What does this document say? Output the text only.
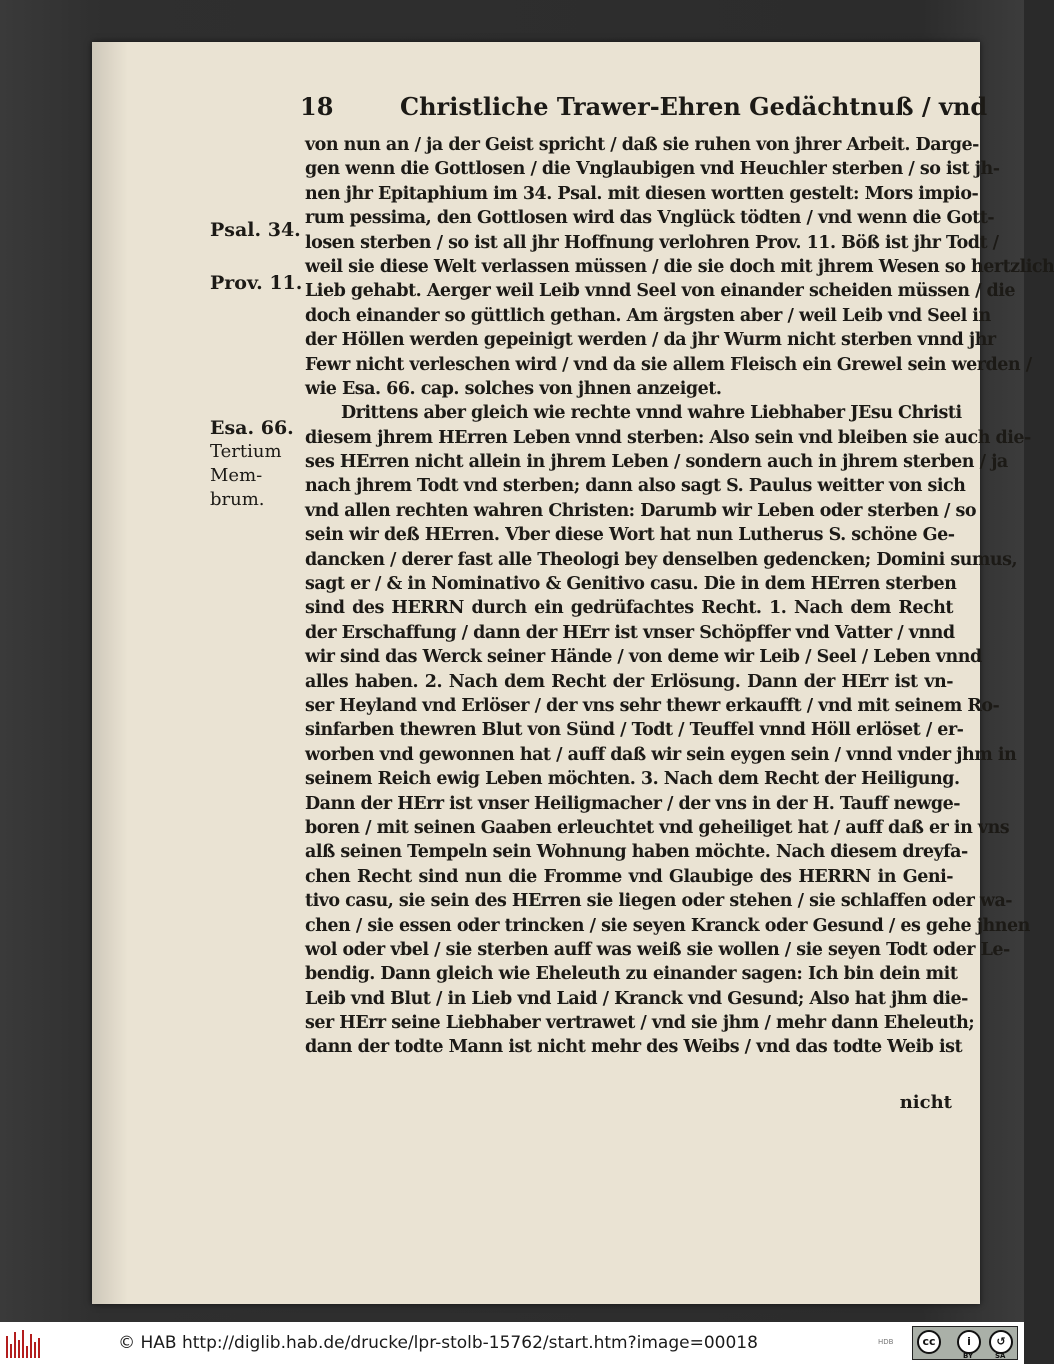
18	Christliche Trawer-Ehren Gedächtnuß / vnd
Psal. 34.
Prov. 11.
Esa. 66.
Tertium
Mem-
brum.
von nun an / ja der Geist spricht / daß sie ruhen von jhrer Arbeit. Darge-
gen wenn die Gottlosen / die Vnglaubigen vnd Heuchler sterben / so ist jh-
nen jhr Epitaphium im 34. Psal. mit diesen wortten gestelt: Mors impio-
rum pessima, den Gottlosen wird das Vnglück tödten / vnd wenn die Gott-
losen sterben / so ist all jhr Hoffnung verlohren Prov. 11. Böß ist jhr Todt /
weil sie diese Welt verlassen müssen / die sie doch mit jhrem Wesen so hertzlich
Lieb gehabt. Aerger weil Leib vnnd Seel von einander scheiden müssen / die
doch einander so güttlich gethan. Am ärgsten aber / weil Leib vnd Seel in
der Höllen werden gepeinigt werden / da jhr Wurm nicht sterben vnnd jhr
Fewr nicht verleschen wird / vnd da sie allem Fleisch ein Grewel sein werden /
wie Esa. 66. cap. solches von jhnen anzeiget.
Drittens aber gleich wie rechte vnnd wahre Liebhaber JEsu Christi
diesem jhrem HErren Leben vnnd sterben: Also sein vnd bleiben sie auch die-
ses HErren nicht allein in jhrem Leben / sondern auch in jhrem sterben / ja
nach jhrem Todt vnd sterben; dann also sagt S. Paulus weitter von sich
vnd allen rechten wahren Christen: Darumb wir Leben oder sterben / so
sein wir deß HErren. Vber diese Wort hat nun Lutherus S. schöne Ge-
dancken / derer fast alle Theologi bey denselben gedencken; Domini sumus,
sagt er / & in Nominativo & Genitivo casu. Die in dem HErren sterben
sind des HERRN durch ein gedrüfachtes Recht. 1. Nach dem Recht
der Erschaffung / dann der HErr ist vnser Schöpffer vnd Vatter / vnnd
wir sind das Werck seiner Hände / von deme wir Leib / Seel / Leben vnnd
alles haben. 2. Nach dem Recht der Erlösung. Dann der HErr ist vn-
ser Heyland vnd Erlöser / der vns sehr thewr erkaufft / vnd mit seinem Ro-
sinfarben thewren Blut von Sünd / Todt / Teuffel vnnd Höll erlöset / er-
worben vnd gewonnen hat / auff daß wir sein eygen sein / vnnd vnder jhm in
seinem Reich ewig Leben möchten. 3. Nach dem Recht der Heiligung.
Dann der HErr ist vnser Heiligmacher / der vns in der H. Tauff newge-
boren / mit seinen Gaaben erleuchtet vnd geheiliget hat / auff daß er in vns
alß seinen Tempeln sein Wohnung haben möchte. Nach diesem dreyfa-
chen Recht sind nun die Fromme vnd Glaubige des HERRN in Geni-
tivo casu, sie sein des HErren sie liegen oder stehen / sie schlaffen oder wa-
chen / sie essen oder trincken / sie seyen Kranck oder Gesund / es gehe jhnen
wol oder vbel / sie sterben auff was weiß sie wollen / sie seyen Todt oder Le-
bendig. Dann gleich wie Eheleuth zu einander sagen: Ich bin dein mit
Leib vnd Blut / in Lieb vnd Laid / Kranck vnd Gesund; Also hat jhm die-
ser HErr seine Liebhaber vertrawet / vnd sie jhm / mehr dann Eheleuth;
dann der todte Mann ist nicht mehr des Weibs / vnd das todte Weib ist
nicht
© HAB http://diglib.hab.de/drucke/lpr-stolb-15762/start.htm?image=00018	HDB	cc	i	↺
BY	SA
